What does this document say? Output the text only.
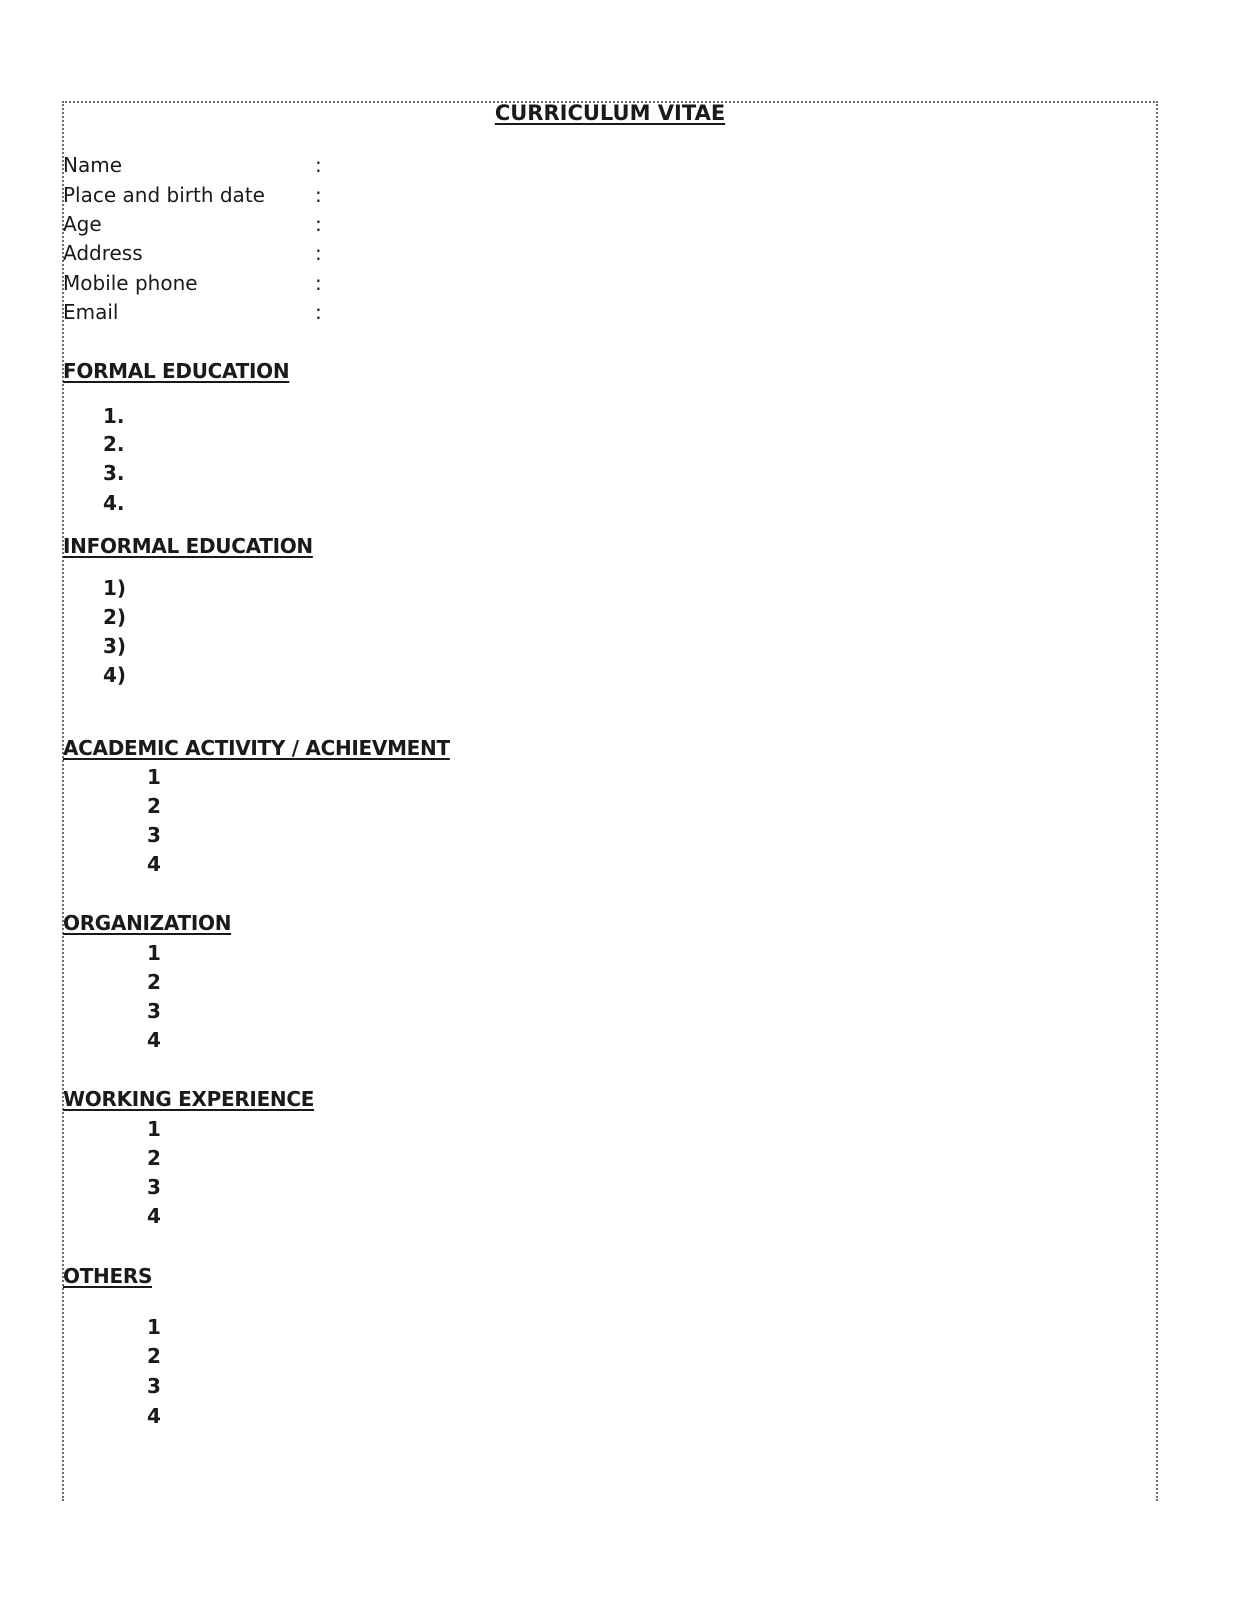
CURRICULUM VITAE
Name	:
Place and birth date	:
Age	:
Address	:
Mobile phone	:
Email	:
FORMAL EDUCATION
1.
2.
3.
4.
INFORMAL EDUCATION
1)
2)
3)
4)
ACADEMIC ACTIVITY / ACHIEVMENT
1
2
3
4
ORGANIZATION
1
2
3
4
WORKING EXPERIENCE
1
2
3
4
OTHERS
1
2
3
4
